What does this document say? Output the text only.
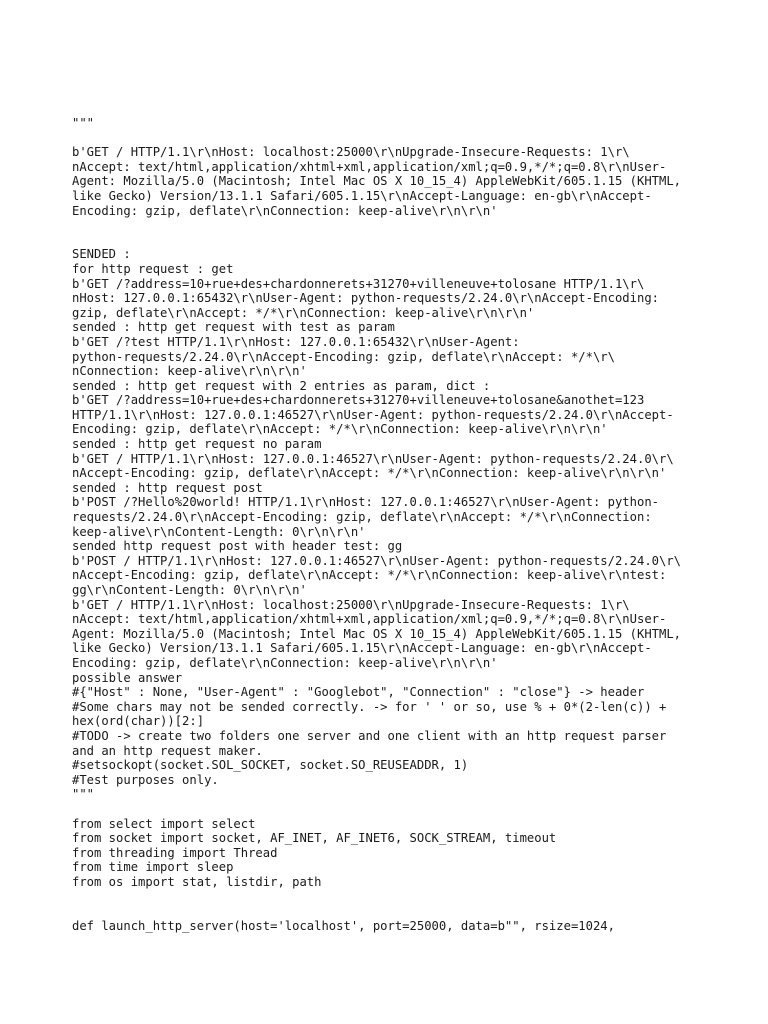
"""
b'GET / HTTP/1.1\r\nHost: localhost:25000\r\nUpgrade-Insecure-Requests: 1\r\
nAccept: text/html,application/xhtml+xml,application/xml;q=0.9,*/*;q=0.8\r\nUser-
Agent: Mozilla/5.0 (Macintosh; Intel Mac OS X 10_15_4) AppleWebKit/605.1.15 (KHTML,
like Gecko) Version/13.1.1 Safari/605.1.15\r\nAccept-Language: en-gb\r\nAccept-
Encoding: gzip, deflate\r\nConnection: keep-alive\r\n\r\n'
SENDED :
for http request : get
b'GET /?address=10+rue+des+chardonnerets+31270+villeneuve+tolosane HTTP/1.1\r\
nHost: 127.0.0.1:65432\r\nUser-Agent: python-requests/2.24.0\r\nAccept-Encoding:
gzip, deflate\r\nAccept: */*\r\nConnection: keep-alive\r\n\r\n'
sended : http get request with test as param
b'GET /?test HTTP/1.1\r\nHost: 127.0.0.1:65432\r\nUser-Agent:
python-requests/2.24.0\r\nAccept-Encoding: gzip, deflate\r\nAccept: */*\r\
nConnection: keep-alive\r\n\r\n'
sended : http get request with 2 entries as param, dict :
b'GET /?address=10+rue+des+chardonnerets+31270+villeneuve+tolosane&anothet=123
HTTP/1.1\r\nHost: 127.0.0.1:46527\r\nUser-Agent: python-requests/2.24.0\r\nAccept-
Encoding: gzip, deflate\r\nAccept: */*\r\nConnection: keep-alive\r\n\r\n'
sended : http get request no param
b'GET / HTTP/1.1\r\nHost: 127.0.0.1:46527\r\nUser-Agent: python-requests/2.24.0\r\
nAccept-Encoding: gzip, deflate\r\nAccept: */*\r\nConnection: keep-alive\r\n\r\n'
sended : http request post
b'POST /?Hello%20world! HTTP/1.1\r\nHost: 127.0.0.1:46527\r\nUser-Agent: python-
requests/2.24.0\r\nAccept-Encoding: gzip, deflate\r\nAccept: */*\r\nConnection:
keep-alive\r\nContent-Length: 0\r\n\r\n'
sended http request post with header test: gg
b'POST / HTTP/1.1\r\nHost: 127.0.0.1:46527\r\nUser-Agent: python-requests/2.24.0\r\
nAccept-Encoding: gzip, deflate\r\nAccept: */*\r\nConnection: keep-alive\r\ntest:
gg\r\nContent-Length: 0\r\n\r\n'
b'GET / HTTP/1.1\r\nHost: localhost:25000\r\nUpgrade-Insecure-Requests: 1\r\
nAccept: text/html,application/xhtml+xml,application/xml;q=0.9,*/*;q=0.8\r\nUser-
Agent: Mozilla/5.0 (Macintosh; Intel Mac OS X 10_15_4) AppleWebKit/605.1.15 (KHTML,
like Gecko) Version/13.1.1 Safari/605.1.15\r\nAccept-Language: en-gb\r\nAccept-
Encoding: gzip, deflate\r\nConnection: keep-alive\r\n\r\n'
possible answer
#{"Host" : None, "User-Agent" : "Googlebot", "Connection" : "close"} -> header
#Some chars may not be sended correctly. -> for ' ' or so, use % + 0*(2-len(c)) +
hex(ord(char))[2:]
#TODO -> create two folders one server and one client with an http request parser
and an http request maker.
#setsockopt(socket.SOL_SOCKET, socket.SO_REUSEADDR, 1)
#Test purposes only.
"""
from select import select
from socket import socket, AF_INET, AF_INET6, SOCK_STREAM, timeout
from threading import Thread
from time import sleep
from os import stat, listdir, path
def launch_http_server(host='localhost', port=25000, data=b"", rsize=1024,
